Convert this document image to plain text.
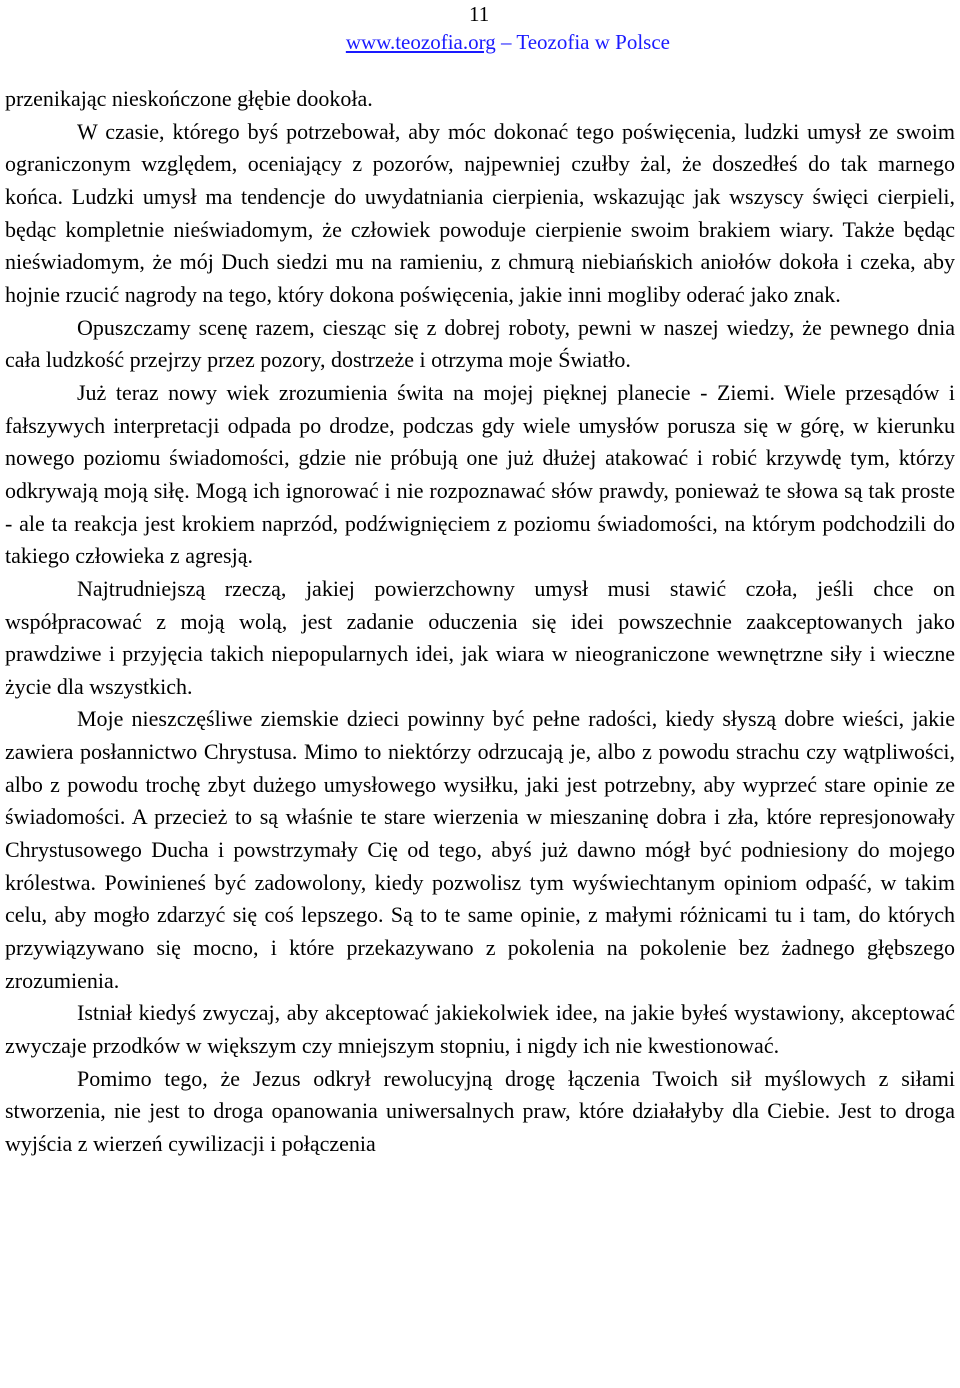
11
www.teozofia.org – Teozofia w Polsce

przenikając nieskończone głębie dookoła.

W czasie, którego byś potrzebował, aby móc dokonać tego poświęcenia, ludzki umysł ze swoim ograniczonym względem, oceniający z pozorów, najpewniej czułby żal, że doszedłeś do tak marnego końca. Ludzki umysł ma tendencje do uwydatniania cierpienia, wskazując jak wszyscy święci cierpieli, będąc kompletnie nieświadomym, że człowiek powoduje cierpienie swoim brakiem wiary. Także będąc nieświadomym, że mój Duch siedzi mu na ramieniu, z chmurą niebiańskich aniołów dokoła i czeka, aby hojnie rzucić nagrody na tego, który dokona poświęcenia, jakie inni mogliby oderać jako znak.

Opuszczamy scenę razem, ciesząc się z dobrej roboty, pewni w naszej wiedzy, że pewnego dnia cała ludzkość przejrzy przez pozory, dostrzeże i otrzyma moje Światło.

Już teraz nowy wiek zrozumienia świta na mojej pięknej planecie - Ziemi. Wiele przesądów i fałszywych interpretacji odpada po drodze, podczas gdy wiele umysłów porusza się w górę, w kierunku nowego poziomu świadomości, gdzie nie próbują one już dłużej atakować i robić krzywdę tym, którzy odkrywają moją siłę. Mogą ich ignorować i nie rozpoznawać słów prawdy, ponieważ te słowa są tak proste - ale ta reakcja jest krokiem naprzód, podźwignięciem z poziomu świadomości, na którym podchodzili do takiego człowieka z agresją.

Najtrudniejszą rzeczą, jakiej powierzchowny umysł musi stawić czoła, jeśli chce on współpracować z moją wolą, jest zadanie oduczenia się idei powszechnie zaakceptowanych jako prawdziwe i przyjęcia takich niepopularnych idei, jak wiara w nieograniczone wewnętrzne siły i wieczne życie dla wszystkich.

Moje nieszczęśliwe ziemskie dzieci powinny być pełne radości, kiedy słyszą dobre wieści, jakie zawiera posłannictwo Chrystusa. Mimo to niektórzy odrzucają je, albo z powodu strachu czy wątpliwości, albo z powodu trochę zbyt dużego umysłowego wysiłku, jaki jest potrzebny, aby wyprzeć stare opinie ze świadomości. A przecież to są właśnie te stare wierzenia w mieszaninę dobra i zła, które represjonowały Chrystusowego Ducha i powstrzymały Cię od tego, abyś już dawno mógł być podniesiony do mojego królestwa. Powinieneś być zadowolony, kiedy pozwolisz tym wyświechtanym opiniom odpaść, w takim celu, aby mogło zdarzyć się coś lepszego. Są to te same opinie, z małymi różnicami tu i tam, do których przywiązywano się mocno, i które przekazywano z pokolenia na pokolenie bez żadnego głębszego zrozumienia.

Istniał kiedyś zwyczaj, aby akceptować jakiekolwiek idee, na jakie byłeś wystawiony, akceptować zwyczaje przodków w większym czy mniejszym stopniu, i nigdy ich nie kwestionować.

Pomimo tego, że Jezus odkrył rewolucyjną drogę łączenia Twoich sił myślowych z siłami stworzenia, nie jest to droga opanowania uniwersalnych praw, które działałyby dla Ciebie. Jest to droga wyjścia z wierzeń cywilizacji i połączenia
